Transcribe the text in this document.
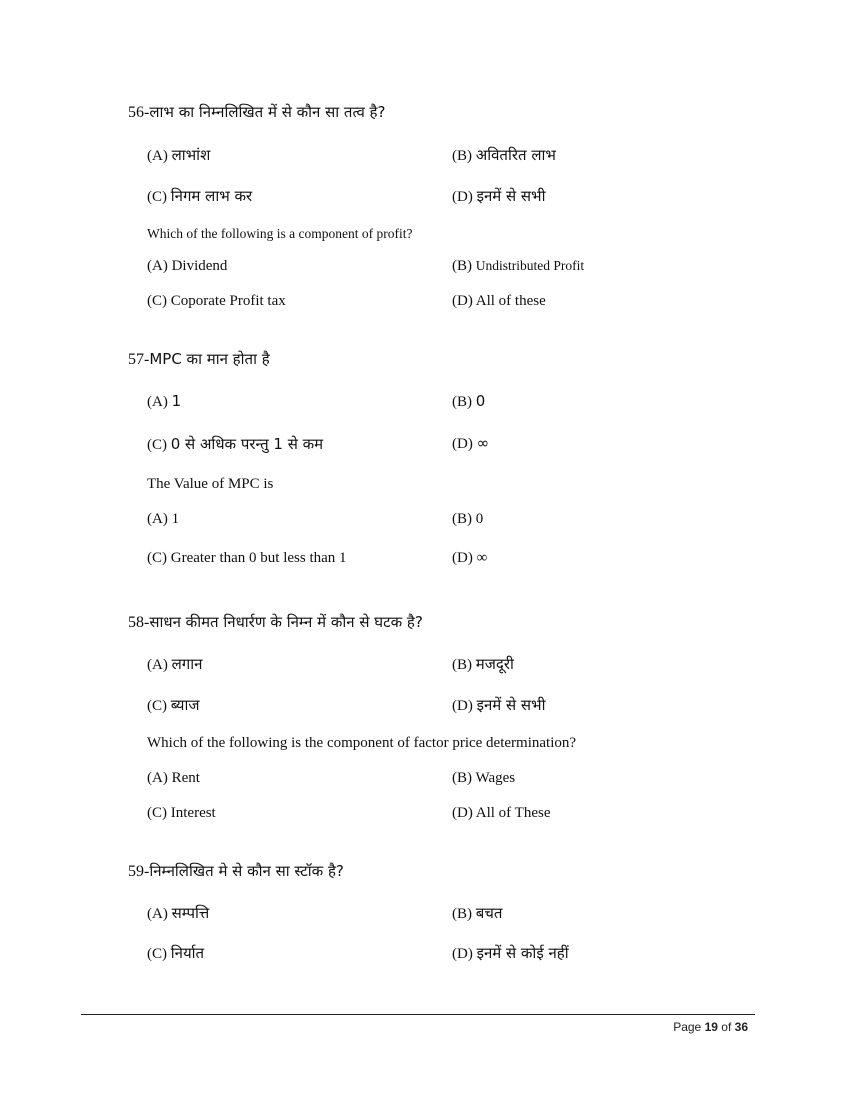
56-लाभ का निम्नलिखित में से कौन सा तत्व है?
(A) लाभांश	(B) अवितरित लाभ
(C) निगम लाभ कर	(D) इनमें से सभी
Which of the following is a component of profit?
(A) Dividend	(B) Undistributed Profit
(C) Coporate Profit tax	(D) All of these
57-MPC का मान होता है
(A) 1	(B) 0
(C) 0 से अधिक परन्तु 1 से कम	(D) ∞
The Value of MPC is
(A) 1	(B) 0
(C) Greater than 0 but less than 1	(D) ∞
58-साधन कीमत निधार्रण के निम्न में कौन से घटक है?
(A) लगान	(B) मजदूरी
(C) ब्याज	(D) इनमें से सभी
Which of the following is the component of factor price determination?
(A) Rent	(B) Wages
(C) Interest	(D) All of These
59-निम्नलिखित मे से कौन सा स्टॉक है?
(A) सम्पत्ति	(B) बचत
(C) निर्यात	(D) इनमें से कोई नहीं
Page 19 of 36
